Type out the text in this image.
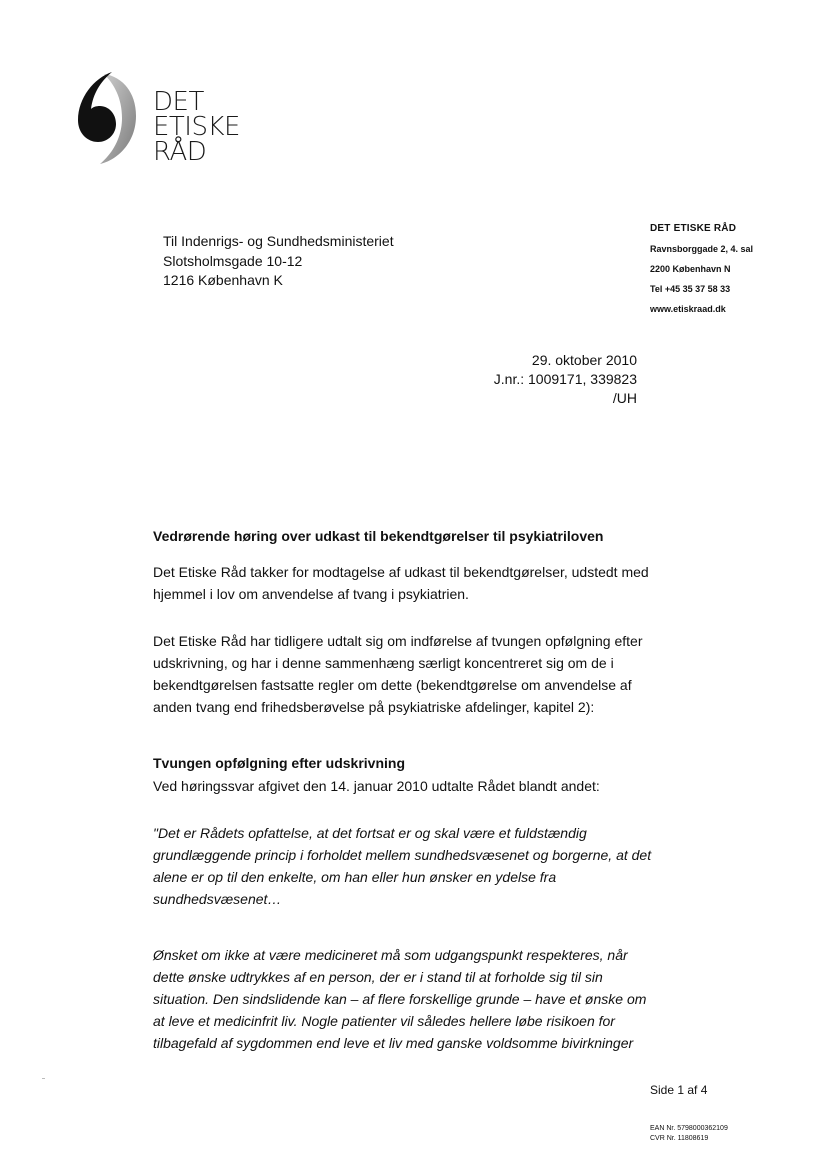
DET
ETISKE
RÅD
Til Indenrigs- og Sundhedsministeriet
Slotsholmsgade 10-12
1216 København K
DET ETISKE RÅD
Ravnsborggade 2, 4. sal
2200 København N
Tel +45 35 37 58 33
www.etiskraad.dk
29. oktober 2010
J.nr.: 1009171, 339823
/UH
Vedrørende høring over udkast til bekendtgørelser til psykiatriloven
Det Etiske Råd takker for modtagelse af udkast til bekendtgørelser, udstedt med hjemmel i lov om anvendelse af tvang i psykiatrien.
Det Etiske Råd har tidligere udtalt sig om indførelse af tvungen opfølgning efter udskrivning, og har i denne sammenhæng særligt koncentreret sig om de i bekendtgørelsen fastsatte regler om dette (bekendtgørelse om anvendelse af anden tvang end frihedsberøvelse på psykiatriske afdelinger, kapitel 2):
Tvungen opfølgning efter udskrivning
Ved høringssvar afgivet den 14. januar 2010 udtalte Rådet blandt andet:
"Det er Rådets opfattelse, at det fortsat er og skal være et fuldstændig grundlæggende princip i forholdet mellem sundhedsvæsenet og borgerne, at det alene er op til den enkelte, om han eller hun ønsker en ydelse fra sundhedsvæsenet…
Ønsket om ikke at være medicineret må som udgangspunkt respekteres, når dette ønske udtrykkes af en person, der er i stand til at forholde sig til sin situation. Den sindslidende kan – af flere forskellige grunde – have et ønske om at leve et medicinfrit liv. Nogle patienter vil således hellere løbe risikoen for tilbagefald af sygdommen end leve et liv med ganske voldsomme bivirkninger
Side 1 af 4
EAN Nr. 5798000362109
CVR Nr. 11808619
